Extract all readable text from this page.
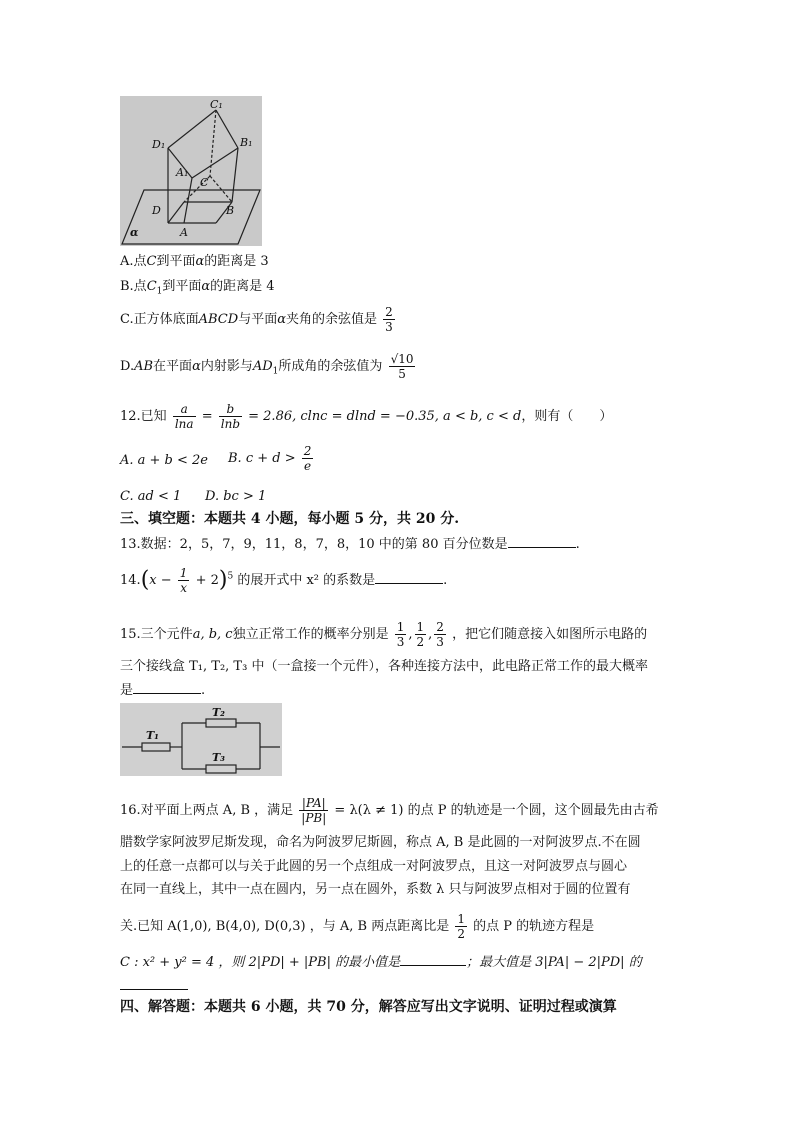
C₁
D₁	B₁
A₁
C
D	B
A
α
A.点C到平面α的距离是 3
B.点$C_1$到平面α的距离是 4
C.正方体底面ABCD与平面α夹角的余弦值是 $\frac{2}{3}$
D.AB在平面α内射影与$AD_1$所成角的余弦值为 $\frac{√10}{5}$
12.已知 $\frac{a}{\ln a} = \frac{b}{\ln b} = 2.86$, clnc = dlnd = −0.35, a < b, c < d，则有（　　）
A. a + b < 2e B. $c + d > \frac{2}{e}$
C. ad < 1 D. bc > 1
三、填空题：本题共 4 小题，每小题 5 分，共 20 分.
13.数据：2，5，7，9，11，8，7，8，10 中的第 80 百分位数是	.
$14.(x - \frac{1}{x} + 2)^5$ 的展开式中 x² 的系数是	.
15.三个元件a, b, c独立正常工作的概率分别是 $\frac{1}{3}$ , $\frac{1}{2}$ , $\frac{2}{3}$ ，把它们随意接入如图所示电路的
三个接线盒 T₁, T₂, T₃ 中（一盒接一个元件），各种连接方法中，此电路正常工作的最大概率
是	.
T₁
T₂
T₃
16.对平面上两点 A, B ，满足 $\frac{|PA|}{|PB|} = \lambda(\lambda \ne 1)$ 的点 P 的轨迹是一个圆，这个圆最先由古希
腊数学家阿波罗尼斯发现，命名为阿波罗尼斯圆，称点 A, B 是此圆的一对阿波罗点.不在圆
上的任意一点都可以与关于此圆的另一个点组成一对阿波罗点，且这一对阿波罗点与圆心
在同一直线上，其中一点在圆内，另一点在圆外，系数 λ 只与阿波罗点相对于圆的位置有
关.已知 A(1,0), B(4,0), D(0,3) ，与 A, B 两点距离比是 $\frac{1}{2}$ 的点 P 的轨迹方程是
C : x² + y² = 4 ，则 2|PD| + |PB| 的最小值是	；最大值是 3|PA| − 2|PD| 的
四、解答题：本题共 6 小题，共 70 分，解答应写出文字说明、证明过程或演算
